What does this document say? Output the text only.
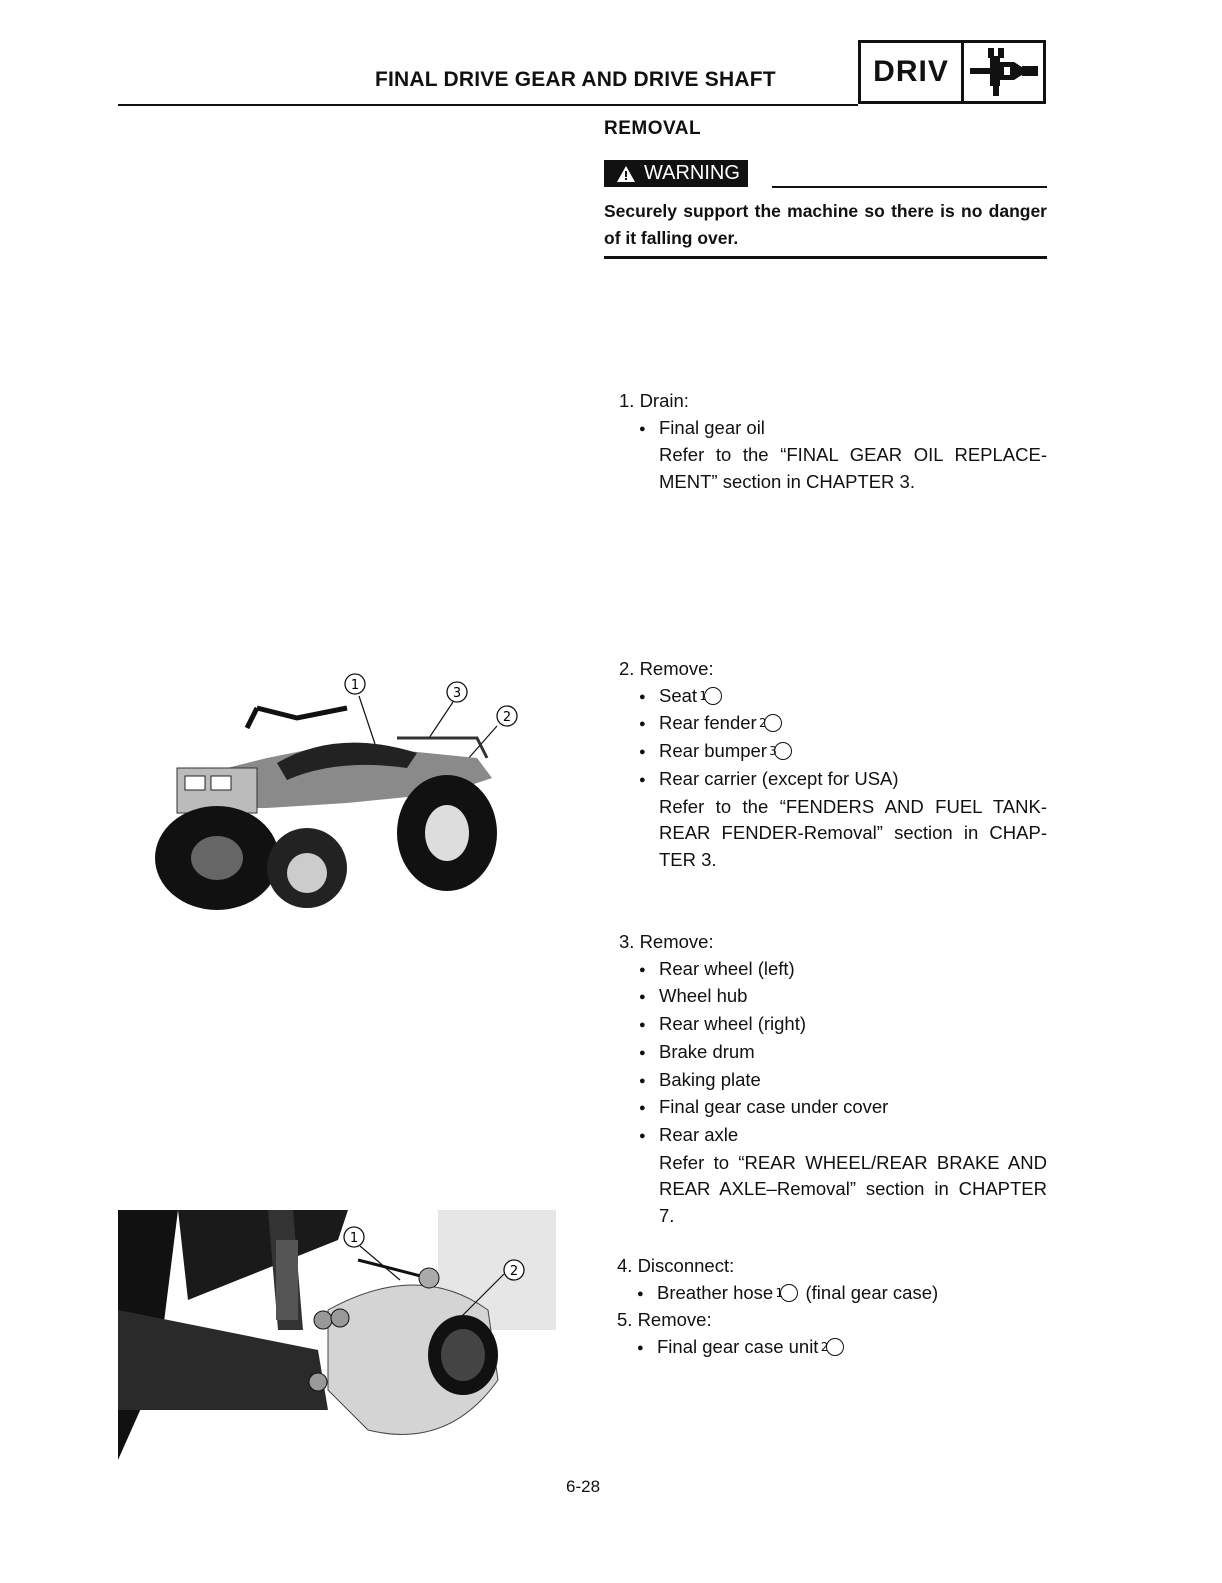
FINAL DRIVE GEAR AND DRIVE SHAFT	DRIV
REMOVAL
WARNING
Securely support the machine so there is no danger of it falling over.
1. Drain:
● Final gear oil
Refer to the “FINAL GEAR OIL REPLACE-MENT” section in CHAPTER 3.
2. Remove:
● Seat 1
● Rear fender 2
● Rear bumper 3
● Rear carrier (except for USA)
Refer to the “FENDERS AND FUEL TANK-REAR FENDER-Removal” section in CHAP-TER 3.
3. Remove:
● Rear wheel (left)
● Wheel hub
● Rear wheel (right)
● Brake drum
● Baking plate
● Final gear case under cover
● Rear axle
Refer to “REAR WHEEL/REAR BRAKE AND REAR AXLE–Removal” section in CHAPTER 7.
4. Disconnect:
● Breather hose 1 (final gear case)
5. Remove:
● Final gear case unit 2
1
3
2
1
2
6-28
